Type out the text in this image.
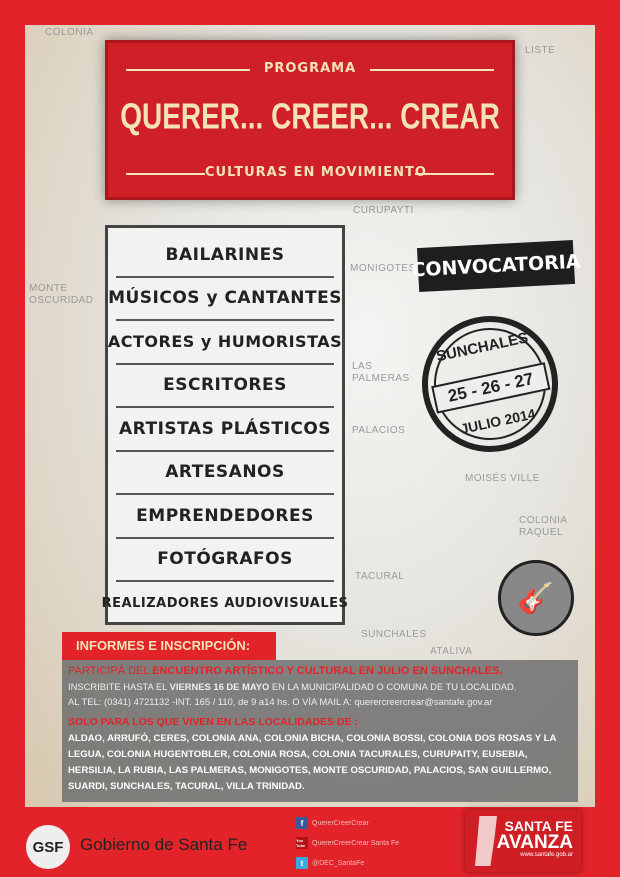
COLONIA
CURUPAYTI
MONIGOTES
MONTE OSCURIDAD
LAS PALMERAS
PALACIOS
MOISÉS VILLE
COLONIA RAQUEL
TACURAL
SUNCHALES
ATALIVA
LISTE
PROGRAMA
QUERER... CREER... CREAR
CULTURAS EN MOVIMIENTO
BAILARINES
MÚSICOS y CANTANTES
ACTORES y HUMORISTAS
ESCRITORES
ARTISTAS PLÁSTICOS
ARTESANOS
EMPRENDEDORES
FOTÓGRAFOS
REALIZADORES AUDIOVISUALES
CONVOCATORIA
SUNCHALES
25 - 26 - 27
JULIO 2014
🎸
INFORMES E INSCRIPCIÓN:

PARTICIPÁ DEL ENCUENTRO ARTÍSTICO Y CULTURAL EN JULIO EN SUNCHALES.

INSCRIBITE HASTA EL VIERNES 16 DE MAYO EN LA MUNICIPALIDAD O COMUNA DE TU LOCALIDAD.

AL TEL: (0341) 4721132 -INT. 165 / 110, de 9 a14 hs. O VÍA MAIL A: querercreercrear@santafe.gov.ar

SOLO PARA LOS QUE VIVEN EN LAS LOCALIDADES DE :

ALDAO, ARRUFÓ, CERES, COLONIA ANA, COLONIA BICHA, COLONIA BOSSI, COLONIA DOS ROSAS Y LA LEGUA, COLONIA HUGENTOBLER, COLONIA ROSA, COLONIA TACURALES, CURUPAITY, EUSEBIA, HERSILIA, LA RUBIA, LAS PALMERAS, MONIGOTES, MONTE OSCURIDAD, PALACIOS, SAN GUILLERMO, SUARDI, SUNCHALES, TACURAL, VILLA TRINIDAD.

GSF Gobierno de Santa Fe
f	QuererCreerCrear
You Tube QuererCreerCrear Santa Fe
t	@DEC_SantaFe
SANTA FE
AVANZA
www.santafe.gob.ar
